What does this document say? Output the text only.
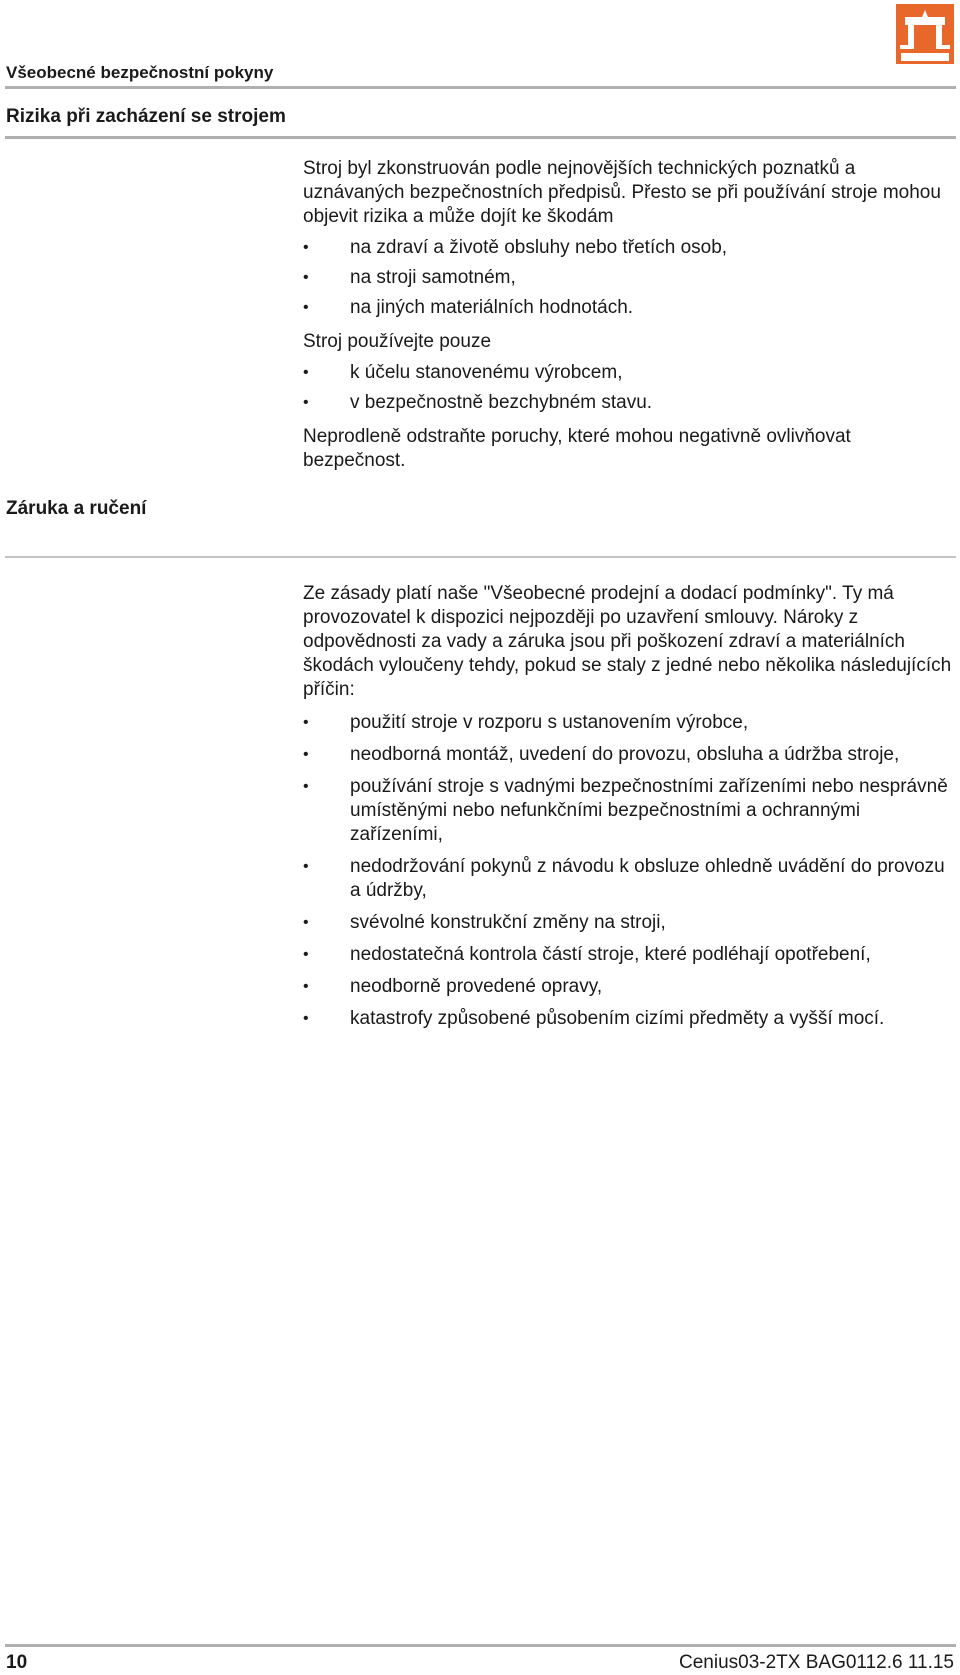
Všeobecné bezpečnostní pokyny
Rizika při zacházení se strojem

Stroj byl zkonstruován podle nejnovějších technických poznatků a uznávaných bezpečnostních předpisů. Přesto se při používání stroje mohou objevit rizika a může dojít ke škodám

• na zdraví a životě obsluhy nebo třetích osob,
• na stroji samotném,
• na jiných materiálních hodnotách.

Stroj používejte pouze

• k účelu stanovenému výrobcem,
• v bezpečnostně bezchybném stavu.

Neprodleně odstraňte poruchy, které mohou negativně ovlivňovat bezpečnost.

Záruka a ručení

Ze zásady platí naše "Všeobecné prodejní a dodací podmínky". Ty má provozovatel k dispozici nejpozději po uzavření smlouvy. Nároky z odpovědnosti za vady a záruka jsou při poškození zdraví a materiálních škodách vyloučeny tehdy, pokud se staly z jedné nebo několika následujících příčin:

• použití stroje v rozporu s ustanovením výrobce,
• neodborná montáž, uvedení do provozu, obsluha a údržba stroje,
• používání stroje s vadnými bezpečnostními zařízeními nebo nesprávně umístěnými nebo nefunkčními bezpečnostními a ochrannými zařízeními,
• nedodržování pokynů z návodu k obsluze ohledně uvádění do provozu a údržby,
• svévolné konstrukční změny na stroji,
• nedostatečná kontrola částí stroje, které podléhají opotřebení,
• neodborně provedené opravy,
• katastrofy způsobené působením cizími předměty a vyšší mocí.
10	Cenius03-2TX BAG0112.6 11.15
